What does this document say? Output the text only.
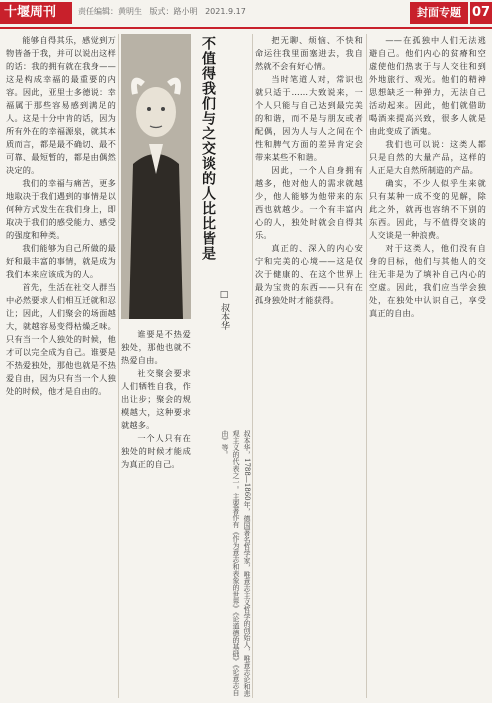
十堰周刊	责任编辑：黄明生 版式：路小明 2021.9.17	封面专题 07

能够自得其乐，感觉到万物皆备于我，并可以说出这样的话：我的拥有就在我身——这是构成幸福的最重要的内容。因此，亚里士多德说：幸福属于那些容易感到满足的人。这是十分中肯的话，因为所有外在的幸福源泉，就其本质而言，都是最不确切、最不可靠、最短暂的，都是由偶然决定的。

我们的幸福与痛苦，更多地取决于我们遇到的事情是以何种方式发生在我们身上，即取决于我们的感受能力、感受的强度和种类。

我们能够为自己所做的最好和最丰富的事情，就是成为我们本来应该成为的人。

首先，生活在社交人群当中必然要求人们相互迁就和忍让；因此，人们聚会的场面越大，就越容易变得枯燥乏味。只有当一个人独处的时候，他才可以完全成为自己。谁要是不热爱独处，那他也就是不热爱自由，因为只有当一个人独处的时候，他才是自由的。

谁要是不热爱独处，那他也就不热爱自由。

社交聚会要求人们牺牲自我，作出让步；聚会的规模越大，这种要求就越多。

一个人只有在独处的时候才能成为真正的自己。

不值得我们与之交谈的人比比皆是
□ 叔本华
叔本华，1788—1860年，德国著名哲学家，唯意志主义哲学的创始人，唯意志论和悲观主义的代表之一。主要著作有《作为意志和表象的世界》《论道德的基础》《论意志自由》等。

把无聊、烦恼、不快和命运往我里面塞进去，我自然就不会有好心情。

当时笔道人对，常识也就只适于……大致说来，一个人只能与自己达到最完美的和谐，而不是与朋友或者配偶，因为人与人之间在个性和脾气方面的差异肯定会带来某些不和谐。

因此，一个人自身拥有越多，他对他人的需求就越少，他人能够为他带来的东西也就越少。一个有丰富内心的人，独处时就会自得其乐。

真正的、深入的内心安宁和完美的心境——这是仅次于健康的、在这个世界上最为宝贵的东西——只有在孤身独处时才能获得。

——在孤独中人们无法逃避自己。他们内心的贫瘠和空虚使他们热衷于与人交往和到外地旅行、观光。他们的精神思想缺乏一种弹力，无法自己活动起来。因此，他们就借助喝酒来提高兴致，很多人就是由此变成了酒鬼。

我们也可以说：这类人都只是自然的大量产品，这样的人正是大自然所制造的产品。

确实，不少人似乎生来就只有某种一成不变的见解，除此之外，就再也容纳不下别的东西。因此，与不值得交谈的人交谈是一种浪费。

对于这类人，他们没有自身的目标，他们与其他人的交往无非是为了填补自己内心的空虚。因此，我们应当学会独处，在独处中认识自己，享受真正的自由。
